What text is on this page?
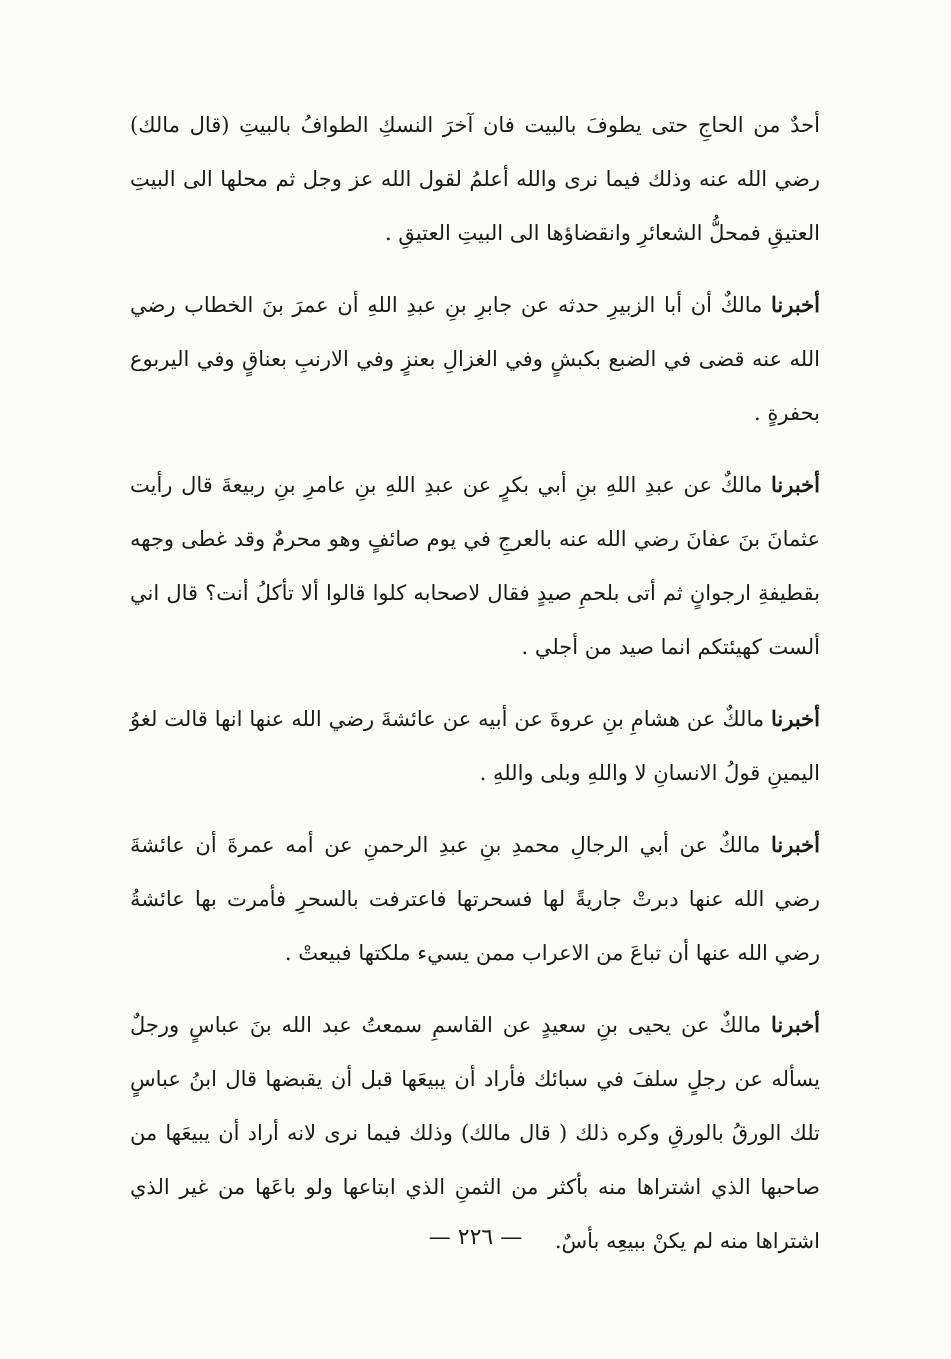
أحدٌ من الحاجِ حتى يطوفَ بالبيت فان آخرَ النسكِ الطوافُ بالبيتِ (قال مالك) رضي الله عنه وذلك فيما نرى والله أعلمُ لقول الله عز وجل ثم محلها الى البيتِ العتيقِ فمحلُّ الشعائرِ وانقضاؤها الى البيتِ العتيقِ .

أخبرنا مالكٌ أن أبا الزبيرِ حدثه عن جابرِ بنِ عبدِ اللهِ أن عمرَ بنَ الخطاب رضي الله عنه قضى في الضبع بكبشٍ وفي الغزالِ بعنزٍ وفي الارنبِ بعناقٍ وفي اليربوع بحفرةٍ .

أخبرنا مالكٌ عن عبدِ اللهِ بنِ أبي بكرٍ عن عبدِ اللهِ بنِ عامرِ بنِ ربيعةَ قال رأيت عثمانَ بنَ عفانَ رضي الله عنه بالعرجِ في يوم صائفٍ وهو محرمٌ وقد غطى وجهه بقطيفةِ ارجوانٍ ثم أتى بلحمِ صيدٍ فقال لاصحابه كلوا قالوا ألا تأكلُ أنت؟ قال اني ألست كهيئتكم انما صيد من أجلي .

أخبرنا مالكٌ عن هشامِ بنِ عروةَ عن أبيه عن عائشةَ رضي الله عنها انها قالت لغوُ اليمينِ قولُ الانسانِ لا واللهِ وبلى واللهِ .

أخبرنا مالكٌ عن أبي الرجالِ محمدِ بنِ عبدِ الرحمنِ عن أمه عمرةَ أن عائشةَ رضي الله عنها دبرتْ جاريةً لها فسحرتها فاعترفت بالسحرِ فأمرت بها عائشةُ رضي الله عنها أن تباعَ من الاعراب ممن يسيء ملكتها فبيعتْ .

أخبرنا مالكٌ عن يحيى بنِ سعيدٍ عن القاسمِ سمعتُ عبد الله بنَ عباسٍ ورجلٌ يسأله عن رجلٍ سلفَ في سبائك فأراد أن يبيعَها قبل أن يقبضها قال ابنُ عباسٍ تلك الورقُ بالورقِ وكره ذلك ( قال مالك) وذلك فيما نرى لانه أراد أن يبيعَها من صاحبها الذي اشتراها منه بأكثر من الثمنِ الذي ابتاعها ولو باعَها من غير الذي اشتراها منه لم يكنْ ببيعِه بأسٌ.

— ٢٢٦ —
